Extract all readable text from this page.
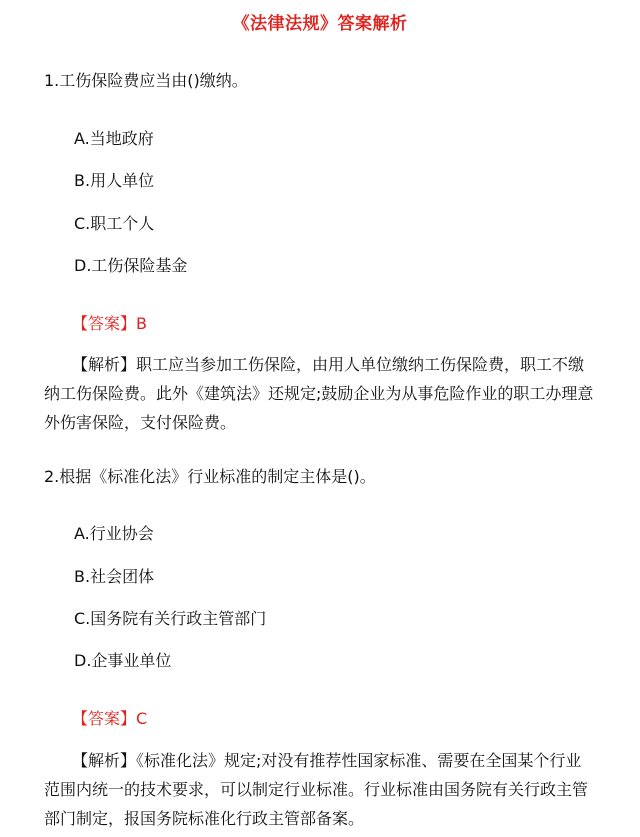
《法律法规》答案解析
1.工伤保险费应当由()缴纳。
A.当地政府
B.用人单位
C.职工个人
D.工伤保险基金
【答案】B
【解析】职工应当参加工伤保险，由用人单位缴纳工伤保险费，职工不缴
纳工伤保险费。此外《建筑法》还规定;鼓励企业为从事危险作业的职工办理意
外伤害保险，支付保险费。
2.根据《标准化法》行业标准的制定主体是()。
A.行业协会
B.社会团体
C.国务院有关行政主管部门
D.企事业单位
【答案】C
【解析】《标准化法》规定;对没有推荐性国家标准、需要在全国某个行业
范围内统一的技术要求，可以制定行业标准。行业标准由国务院有关行政主管
部门制定，报国务院标准化行政主管部备案。
